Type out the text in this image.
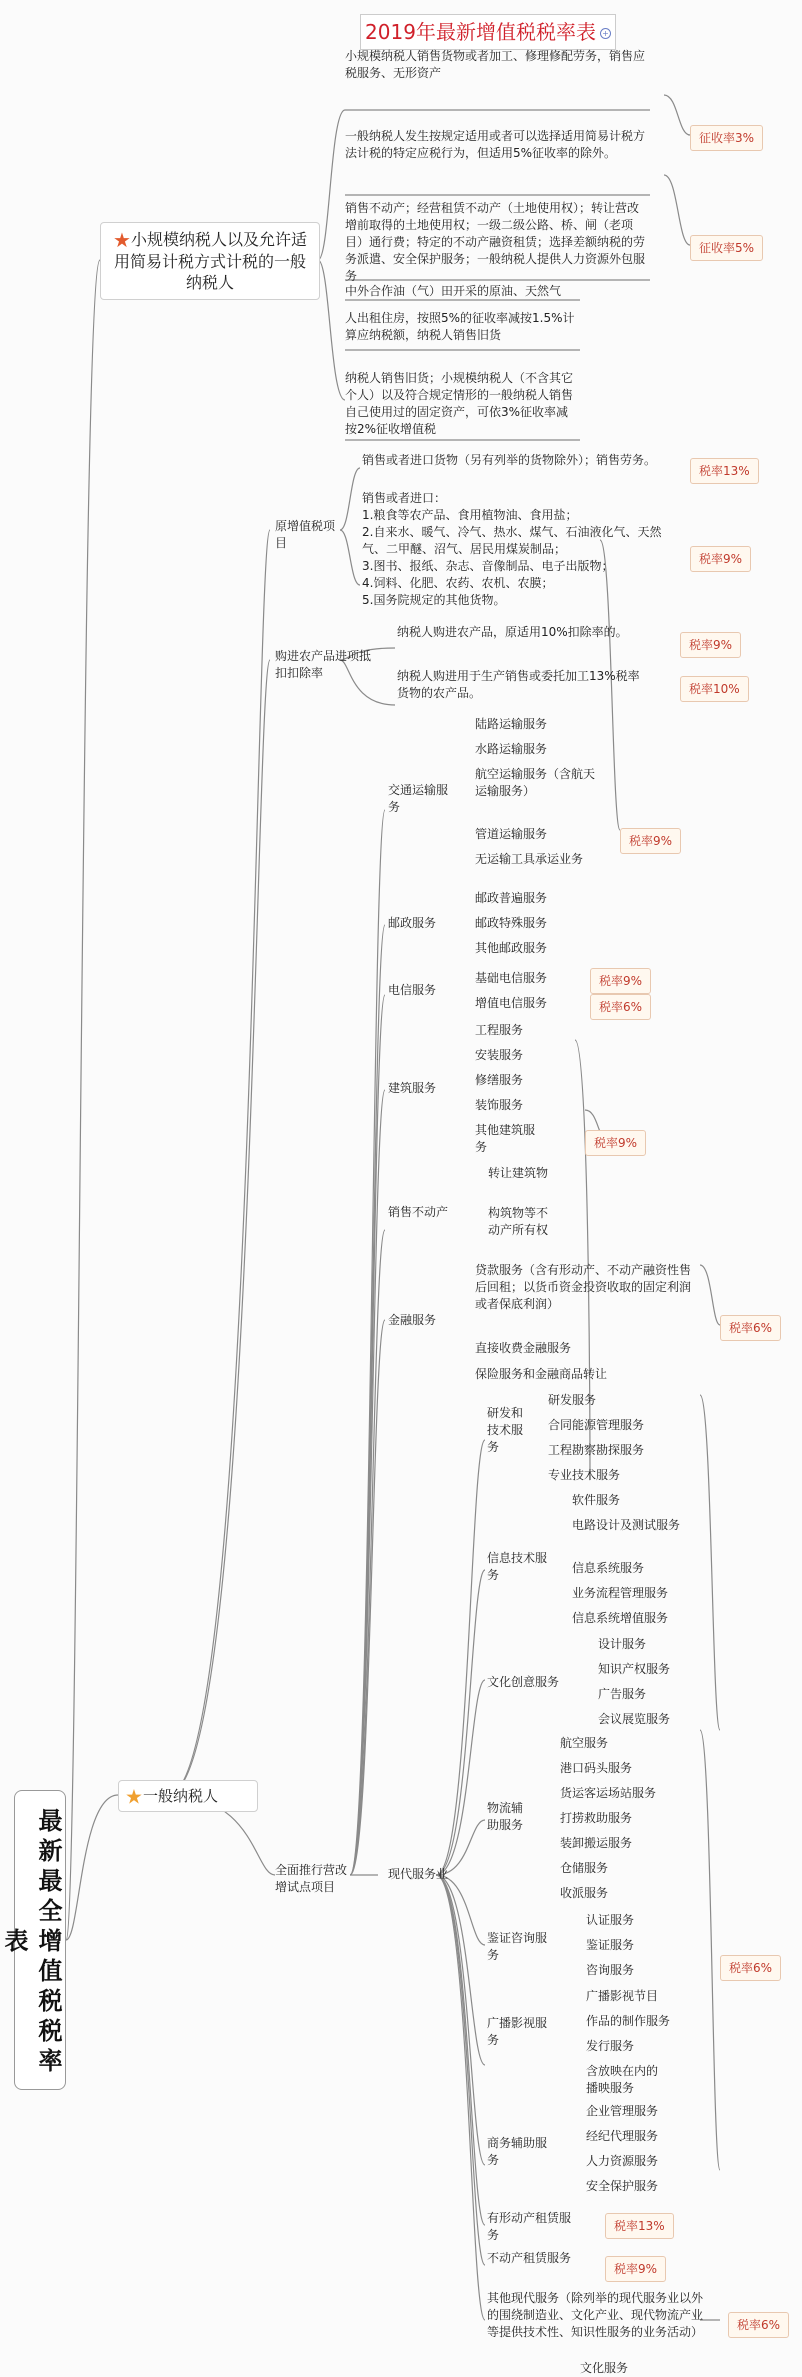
2019年最新增值税税率表 +
最新最全增值税税率表
★小规模纳税人以及允许适用简易计税方式计税的一般纳税人
小规模纳税人销售货物或者加工、修理修配劳务，销售应税服务、无形资产
一般纳税人发生按规定适用或者可以选择适用简易计税方法计税的特定应税行为，但适用5%征收率的除外。
销售不动产；经营租赁不动产（土地使用权）；转让营改增前取得的土地使用权；一级二级公路、桥、闸（老项目）通行费；特定的不动产融资租赁；选择差额纳税的劳务派遣、安全保护服务；一般纳税人提供人力资源外包服务
中外合作油（气）田开采的原油、天然气
人出租住房，按照5%的征收率减按1.5%计算应纳税额，纳税人销售旧货
纳税人销售旧货；小规模纳税人（不含其它个人）以及符合规定情形的一般纳税人销售自己使用过的固定资产，可依3%征收率减按2%征收增值税
征收率3%
征收率5%
★一般纳税人
原增值税项目
销售或者进口货物（另有列举的货物除外）；销售劳务。
销售或者进口：
1.粮食等农产品、食用植物油、食用盐；
2.自来水、暖气、冷气、热水、煤气、石油液化气、天然气、二甲醚、沼气、居民用煤炭制品；
3.图书、报纸、杂志、音像制品、电子出版物；
4.饲料、化肥、农药、农机、农膜；
5.国务院规定的其他货物。
税率13%
税率9%
购进农产品进项抵扣扣除率
纳税人购进农产品，原适用10%扣除率的。
纳税人购进用于生产销售或委托加工13%税率货物的农产品。
税率9%
税率10%
全面推行营改增试点项目
交通运输服务
陆路运输服务
水路运输服务
航空运输服务（含航天运输服务）
管道运输服务
无运输工具承运业务
税率9%
邮政服务
邮政普遍服务
邮政特殊服务
其他邮政服务
电信服务
基础电信服务
增值电信服务
税率9%
税率6%
建筑服务
工程服务
安装服务
修缮服务
装饰服务
其他建筑服务	税率9%
销售不动产
转让建筑物
构筑物等不动产所有权
金融服务
贷款服务（含有形动产、不动产融资性售后回租；以货币资金投资收取的固定利润或者保底利润）
直接收费金融服务
保险服务和金融商品转让
税率6%
现代服务业
研发和技术服务
研发服务
合同能源管理服务
工程勘察勘探服务
专业技术服务
信息技术服务
软件服务
电路设计及测试服务
信息系统服务
业务流程管理服务
信息系统增值服务
文化创意服务
设计服务
知识产权服务
广告服务
会议展览服务
物流辅助服务
航空服务
港口码头服务
货运客运场站服务
打捞救助服务
装卸搬运服务
仓储服务
收派服务
鉴证咨询服务
认证服务
鉴证服务
咨询服务	税率6%
广播影视服务
广播影视节目
作品的制作服务
发行服务
含放映在内的播映服务
商务辅助服务
企业管理服务
经纪代理服务
人力资源服务
安全保护服务
有形动产租赁服务
税率13%
不动产租赁服务
税率9%
其他现代服务（除列举的现代服务业以外的围绕制造业、文化产业、现代物流产业等提供技术性、知识性服务的业务活动）	税率6%
文化服务
